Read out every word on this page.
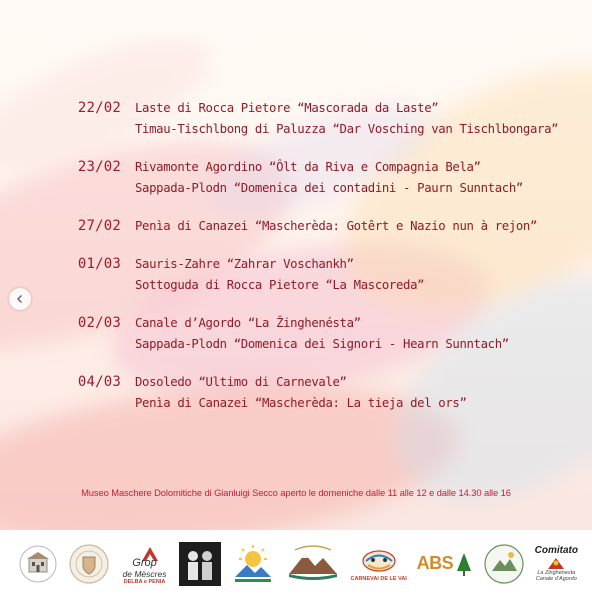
22/02 Laste di Rocca Pietore “Mascorada da Laste”
Timau-Tischlbong di Paluzza “Dar Vosching van Tischlbongara”
23/02 Rivamonte Agordino “Ôlt da Riva e Compagnia Bela”
Sappada-Plodn “Domenica dei contadini - Paurn Sunntach”
27/02 Penìa di Canazei “Mascherèda: Gotêrt e Nazio nun à rejon”
01/03 Sauris-Zahre “Zahrar Voschankh”
Sottoguda di Rocca Pietore “La Mascoreda”
02/03 Canale d’Agordo “La Žinghenésta”
Sappada-Plodn “Domenica dei Signori - Hearn Sunntach”
04/03 Dosoledo “Ultimo di Carnevale”
Penìa di Canazei “Mascherèda: La tieja del ors”
Museo Maschere Dolomitiche di Gianluigi Secco aperto le domeniche dalle 11 alle 12 e dalle 14.30 alle 16
Grop
de Mèscres
DELBA e PENIA	CARNEVAI DE LE VAI
ABS
Comitato
La Zinghenesta
Canale d’Agordo
